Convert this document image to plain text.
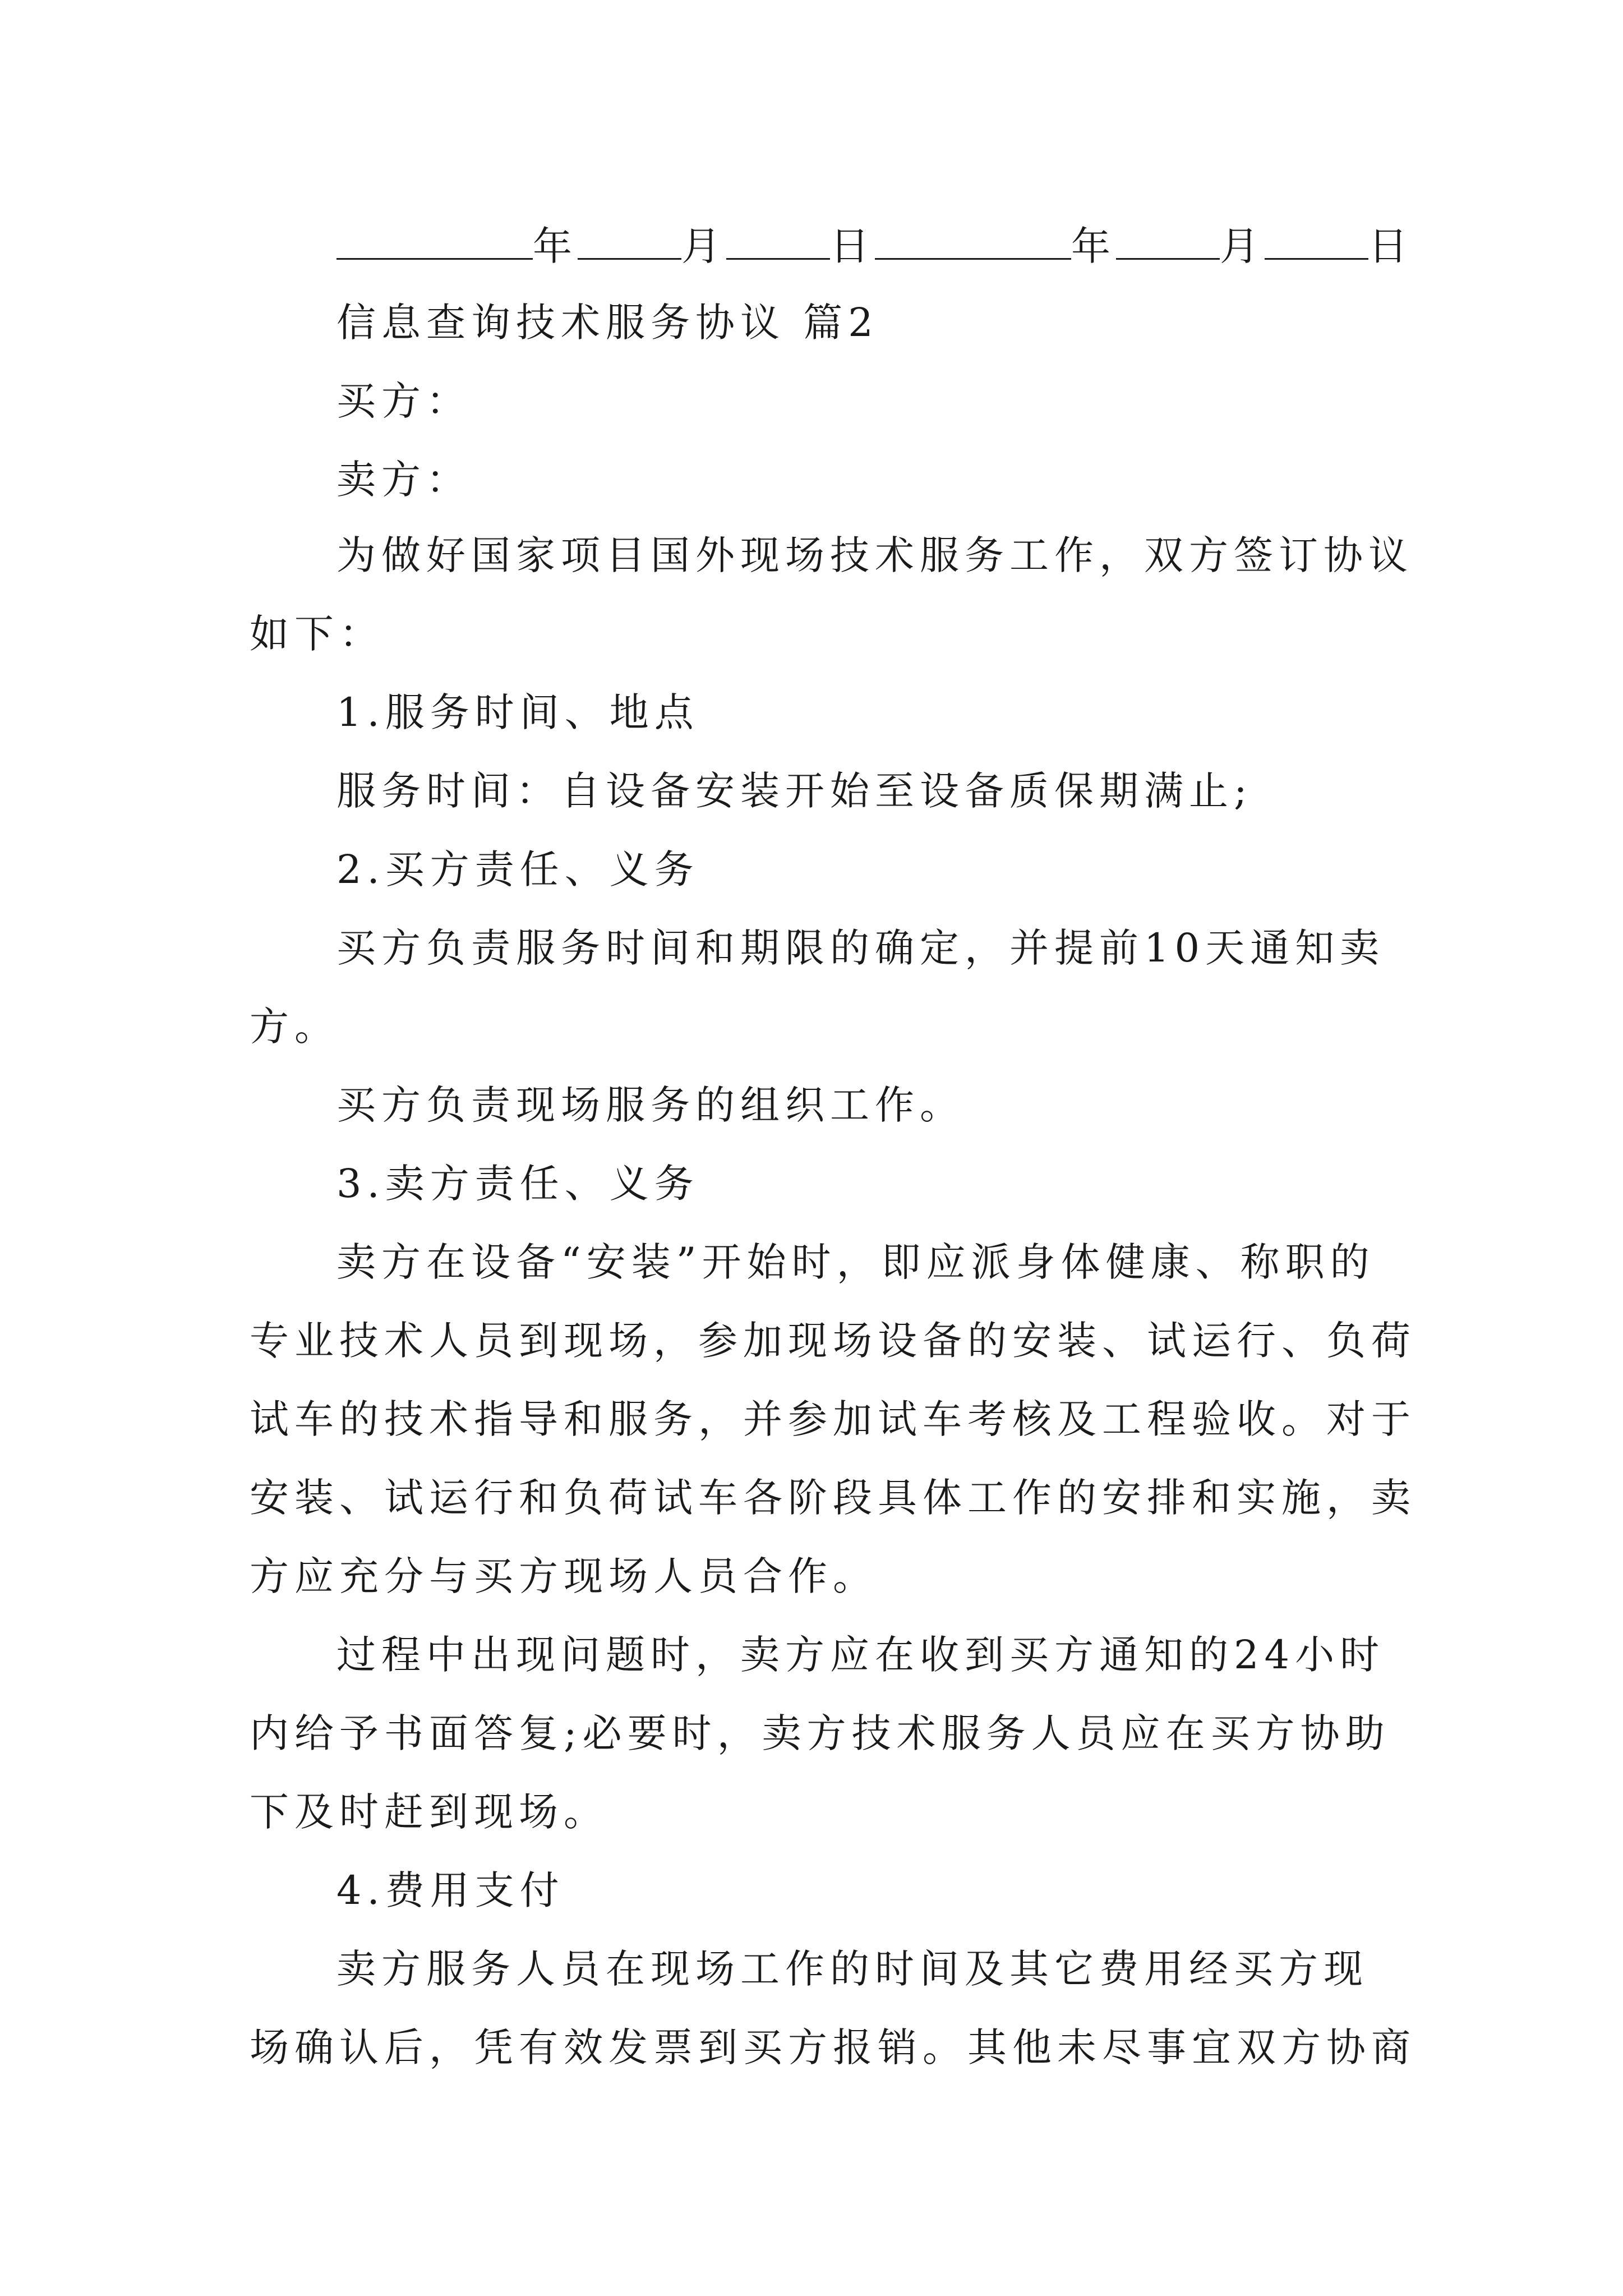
年	月	日	年	月	日
信息查询技术服务协议 篇2
买方：
卖方：
为做好国家项目国外现场技术服务工作，双方签订协议
如下：
1.服务时间、地点
服务时间：自设备安装开始至设备质保期满止;
2.买方责任、义务
买方负责服务时间和期限的确定，并提前10天通知卖
方。
买方负责现场服务的组织工作。
3.卖方责任、义务
卖方在设备“安装”开始时，即应派身体健康、称职的
专业技术人员到现场，参加现场设备的安装、试运行、负荷
试车的技术指导和服务，并参加试车考核及工程验收。对于
安装、试运行和负荷试车各阶段具体工作的安排和实施，卖
方应充分与买方现场人员合作。
过程中出现问题时，卖方应在收到买方通知的24小时
内给予书面答复;必要时，卖方技术服务人员应在买方协助
下及时赶到现场。
4.费用支付
卖方服务人员在现场工作的时间及其它费用经买方现
场确认后，凭有效发票到买方报销。其他未尽事宜双方协商
